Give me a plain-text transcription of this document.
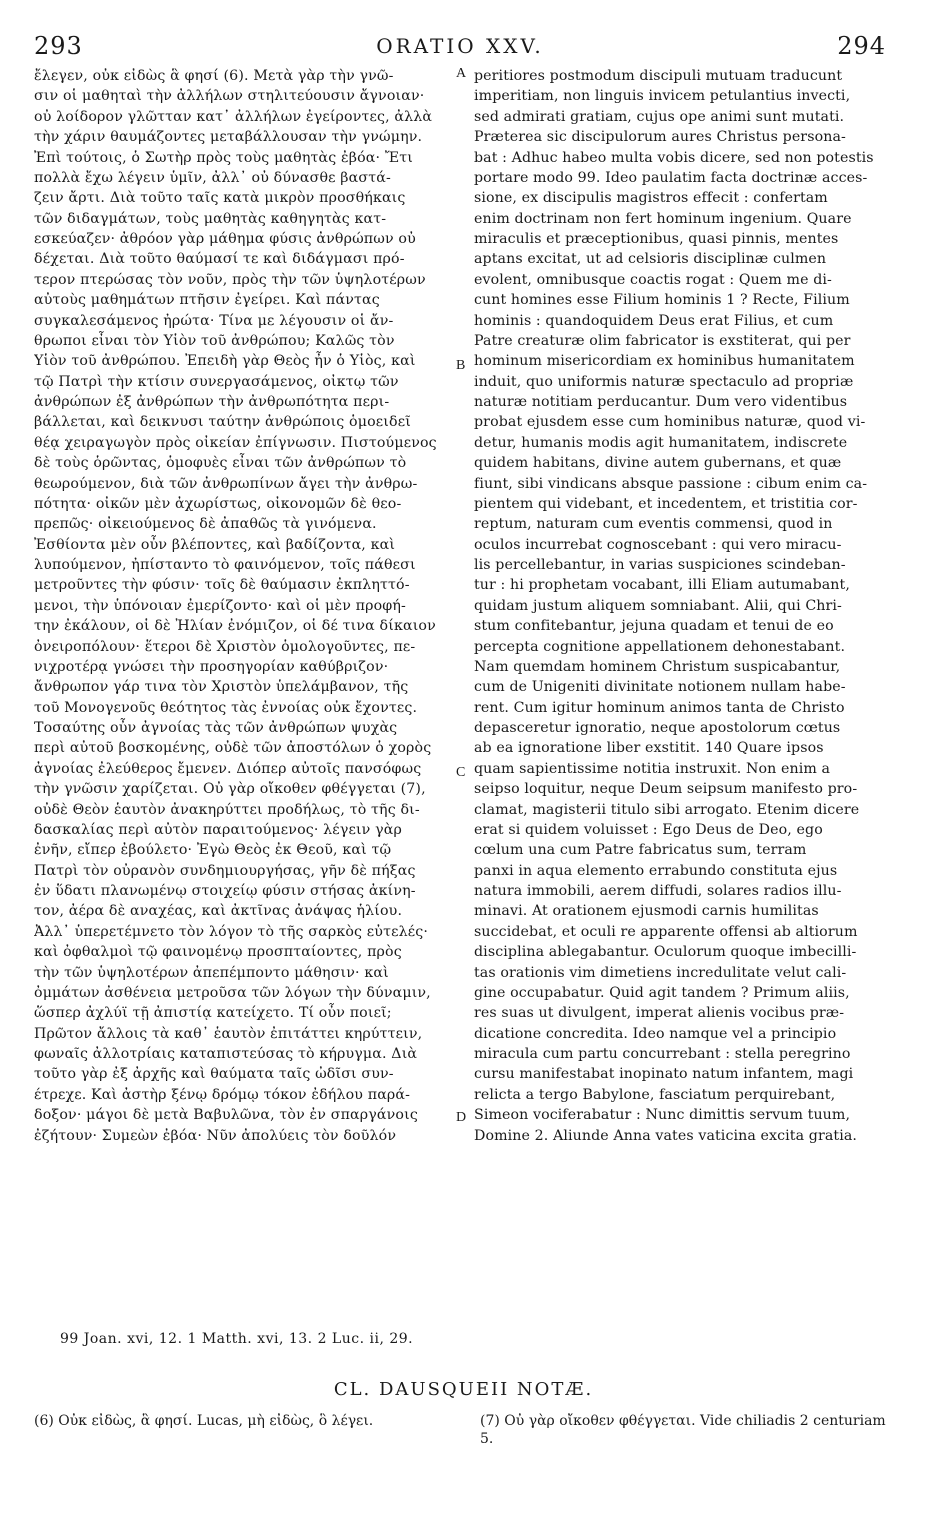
293	ORATIO XXV.	294
ἔλεγεν, οὐκ εἰδὼς ἃ φησί (6). Μετὰ γὰρ τὴν γνῶ-
σιν οἱ μαθηταὶ τὴν ἀλλήλων στηλιτεύουσιν ἄγνοιαν·
οὐ λοίδορον γλῶτταν κατ᾽ ἀλλήλων ἐγείροντες, ἀλλὰ
τὴν χάριν θαυμάζοντες μεταβάλλουσαν τὴν γνώμην.
Ἐπὶ τούτοις, ὁ Σωτὴρ πρὸς τοὺς μαθητὰς ἐβόα· Ἔτι
πολλὰ ἔχω λέγειν ὑμῖν, ἀλλ᾽ οὐ δύνασθε βαστά-
ζειν ἄρτι. Διὰ τοῦτο ταῖς κατὰ μικρὸν προσθήκαις
τῶν διδαγμάτων, τοὺς μαθητὰς καθηγητὰς κατ-
εσκεύαζεν· ἀθρόον γὰρ μάθημα φύσις ἀνθρώπων οὐ
δέχεται. Διὰ τοῦτο θαύμασί τε καὶ διδάγμασι πρό-
τερον πτερώσας τὸν νοῦν, πρὸς τὴν τῶν ὑψηλοτέρων
αὐτοὺς μαθημάτων πτῆσιν ἐγείρει. Καὶ πάντας
συγκαλεσάμενος ἠρώτα· Τίνα με λέγουσιν οἱ ἄν-
θρωποι εἶναι τὸν Υἱὸν τοῦ ἀνθρώπου; Καλῶς τὸν
Υἱὸν τοῦ ἀνθρώπου. Ἐπειδὴ γὰρ Θεὸς ἦν ὁ Υἱὸς, καὶ
τῷ Πατρὶ τὴν κτίσιν συνεργασάμενος, οἰκτῳ τῶν
ἀνθρώπων ἐξ ἀνθρώπων τὴν ἀνθρωπότητα περι-
βάλλεται, καὶ δεικνυσι ταύτην ἀνθρώποις ὁμοειδεῖ
θέᾳ χειραγωγὸν πρὸς οἰκείαν ἐπίγνωσιν. Πιστούμενος
δὲ τοὺς ὁρῶντας, ὁμοφυὲς εἶναι τῶν ἀνθρώπων τὸ
θεωρούμενον, διὰ τῶν ἀνθρωπίνων ἄγει τὴν ἀνθρω-
πότητα· οἰκῶν μὲν ἀχωρίστως, οἰκονομῶν δὲ θεο-
πρεπῶς· οἰκειούμενος δὲ ἀπαθῶς τὰ γινόμενα.
Ἐσθίοντα μὲν οὖν βλέποντες, καὶ βαδίζοντα, καὶ
λυπούμενον, ἠπίσταντο τὸ φαινόμενον, τοῖς πάθεσι
μετροῦντες τὴν φύσιν· τοῖς δὲ θαύμασιν ἐκπληττό-
μενοι, τὴν ὑπόνοιαν ἐμερίζοντο· καὶ οἱ μὲν προφή-
την ἐκάλουν, οἱ δὲ Ἠλίαν ἐνόμιζον, οἱ δέ τινα δίκαιον
ὀνειροπόλουν· ἕτεροι δὲ Χριστὸν ὁμολογοῦντες, πε-
νιχροτέρᾳ γνώσει τὴν προσηγορίαν καθύβριζον·
ἄνθρωπον γάρ τινα τὸν Χριστὸν ὑπελάμβανον, τῆς
τοῦ Μονογενοῦς θεότητος τὰς ἐννοίας οὐκ ἔχοντες.
Τοσαύτης οὖν ἀγνοίας τὰς τῶν ἀνθρώπων ψυχὰς
περὶ αὐτοῦ βοσκομένης, οὐδὲ τῶν ἀποστόλων ὁ χορὸς
ἀγνοίας ἐλεύθερος ἔμενεν. Διόπερ αὐτοῖς πανσόφως
τὴν γνῶσιν χαρίζεται. Οὐ γὰρ οἴκοθεν φθέγγεται (7),
οὐδὲ Θεὸν ἑαυτὸν ἀνακηρύττει προδήλως, τὸ τῆς δι-
δασκαλίας περὶ αὐτὸν παραιτούμενος· λέγειν γὰρ
ἐνῆν, εἴπερ ἐβούλετο· Ἐγὼ Θεὸς ἐκ Θεοῦ, καὶ τῷ
Πατρὶ τὸν οὐρανὸν συνδημιουργήσας, γῆν δὲ πήξας
ἐν ὕδατι πλανωμένῳ στοιχείῳ φύσιν στήσας ἀκίνη-
τον, ἀέρα δὲ αναχέας, καὶ ἀκτῖνας ἀνάψας ἡλίου.
Ἀλλ᾽ ὑπερετέμνετο τὸν λόγον τὸ τῆς σαρκὸς εὐτελές·
καὶ ὀφθαλμοὶ τῷ φαινομένῳ προσπταίοντες, πρὸς
τὴν τῶν ὑψηλοτέρων ἀπεπέμποντο μάθησιν· καὶ
ὀμμάτων ἀσθένεια μετροῦσα τῶν λόγων τὴν δύναμιν,
ὥσπερ ἀχλύϊ τῇ ἀπιστίᾳ κατείχετο. Τί οὖν ποιεῖ;
Πρῶτον ἄλλοις τὰ καθ᾽ ἑαυτὸν ἐπιτάττει κηρύττειν,
φωναῖς ἀλλοτρίαις καταπιστεύσας τὸ κήρυγμα. Διὰ
τοῦτο γὰρ ἐξ ἀρχῆς καὶ θαύματα ταῖς ὠδῖσι συν-
έτρεχε. Καὶ ἀστὴρ ξένῳ δρόμῳ τόκον ἐδήλου παρά-
δοξον· μάγοι δὲ μετὰ Βαβυλῶνα, τὸν ἐν σπαργάνοις
ἐζήτουν· Συμεὼν ἐβόα· Νῦν ἀπολύεις τὸν δοῦλόν
A
B
C
D
peritiores postmodum discipuli mutuam traducunt
imperitiam, non linguis invicem petulantius invecti,
sed admirati gratiam, cujus ope animi sunt mutati.
Præterea sic discipulorum aures Christus persona-
bat : Adhuc habeo multa vobis dicere, sed non potestis
portare modo 99. Ideo paulatim facta doctrinæ acces-
sione, ex discipulis magistros effecit : confertam
enim doctrinam non fert hominum ingenium. Quare
miraculis et præceptionibus, quasi pinnis, mentes
aptans excitat, ut ad celsioris disciplinæ culmen
evolent, omnibusque coactis rogat : Quem me di-
cunt homines esse Filium hominis 1 ? Recte, Filium
hominis : quandoquidem Deus erat Filius, et cum
Patre creaturæ olim fabricator is exstiterat, qui per
hominum misericordiam ex hominibus humanitatem
induit, quo uniformis naturæ spectaculo ad propriæ
naturæ notitiam perducantur. Dum vero videntibus
probat ejusdem esse cum hominibus naturæ, quod vi-
detur, humanis modis agit humanitatem, indiscrete
quidem habitans, divine autem gubernans, et quæ
fiunt, sibi vindicans absque passione : cibum enim ca-
pientem qui videbant, et incedentem, et tristitia cor-
reptum, naturam cum eventis commensi, quod in
oculos incurrebat cognoscebant : qui vero miracu-
lis percellebantur, in varias suspiciones scindeban-
tur : hi prophetam vocabant, illi Eliam autumabant,
quidam justum aliquem somniabant. Alii, qui Chri-
stum confitebantur, jejuna quadam et tenui de eo
percepta cognitione appellationem dehonestabant.
Nam quemdam hominem Christum suspicabantur,
cum de Unigeniti divinitate notionem nullam habe-
rent. Cum igitur hominum animos tanta de Christo
depasceretur ignoratio, neque apostolorum cœtus
ab ea ignoratione liber exstitit. 140 Quare ipsos
quam sapientissime notitia instruxit. Non enim a
seipso loquitur, neque Deum seipsum manifesto pro-
clamat, magisterii titulo sibi arrogato. Etenim dicere
erat si quidem voluisset : Ego Deus de Deo, ego
cœlum una cum Patre fabricatus sum, terram
panxi in aqua elemento errabundo constituta ejus
natura immobili, aerem diffudi, solares radios illu-
minavi. At orationem ejusmodi carnis humilitas
succidebat, et oculi re apparente offensi ab altiorum
disciplina ablegabantur. Oculorum quoque imbecilli-
tas orationis vim dimetiens incredulitate velut cali-
gine occupabatur. Quid agit tandem ? Primum aliis,
res suas ut divulgent, imperat alienis vocibus præ-
dicatione concredita. Ideo namque vel a principio
miracula cum partu concurrebant : stella peregrino
cursu manifestabat inopinato natum infantem, magi
relicta a tergo Babylone, fasciatum perquirebant,
Simeon vociferabatur : Nunc dimittis servum tuum,
Domine 2. Aliunde Anna vates vaticina excita gratia.
99 Joan. xvi, 12. 1 Matth. xvi, 13. 2 Luc. ii, 29.
CL. DAUSQUEII NOTÆ.
(6) Οὐκ εἰδὼς, ἃ φησί. Lucas, μὴ εἰδὼς, ὃ λέγει.	(7) Οὐ γὰρ οἴκοθεν φθέγγεται. Vide chiliadis 2 centuriam 5.
